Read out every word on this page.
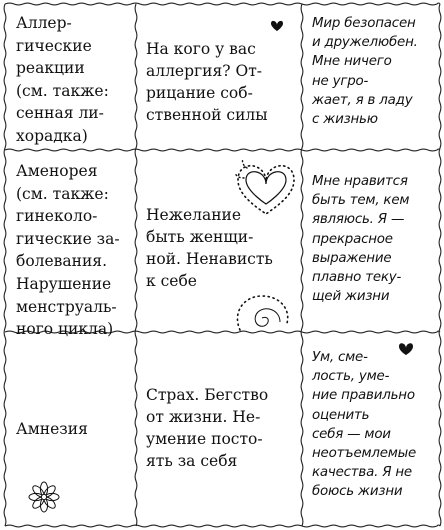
Аллер-
гические
реакции
(см. также:
сенная ли-
хорадка)
На кого у вас
аллергия? От-
рицание соб-
ственной силы
Мир безопасен
и дружелюбен.
Мне ничего
не угро-
жает, я в ладу
с жизнью
Аменорея
(см. также:
гинеколо-
гические за-
болевания.
Нарушение
менструаль-
ного цикла)
Нежелание
быть женщи-
ной. Ненависть
к себе
Мне нравится
быть тем, кем
являюсь. Я —
прекрасное
выражение
плавно теку-
щей жизни
Амнезия
Страх. Бегство
от жизни. Не-
умение посто-
ять за себя
Ум, сме-
лость, уме-
ние правильно
оценить
себя — мои
неотъемлемые
качества. Я не
боюсь жизни
